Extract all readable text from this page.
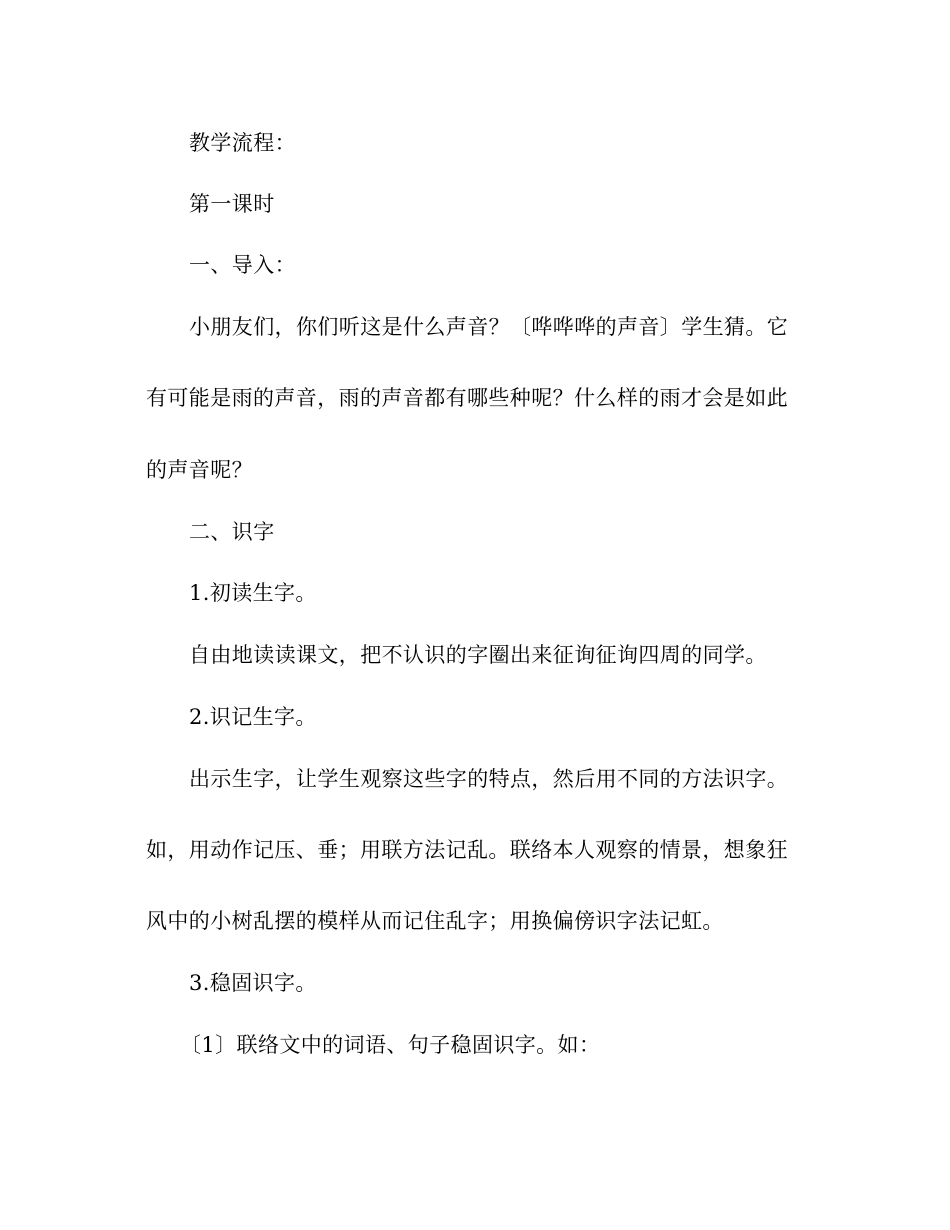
教学流程：
第一课时
一、导入：
小朋友们，你们听这是什么声音？〔哗哗哗的声音〕学生猜。它
有可能是雨的声音，雨的声音都有哪些种呢？什么样的雨才会是如此
的声音呢？
二、识字
1.初读生字。
自由地读读课文，把不认识的字圈出来征询征询四周的同学。
2.识记生字。
出示生字，让学生观察这些字的特点，然后用不同的方法识字。
如，用动作记压、垂；用联方法记乱。联络本人观察的情景，想象狂
风中的小树乱摆的模样从而记住乱字；用换偏傍识字法记虹。
3.稳固识字。
〔1〕联络文中的词语、句子稳固识字。如：
